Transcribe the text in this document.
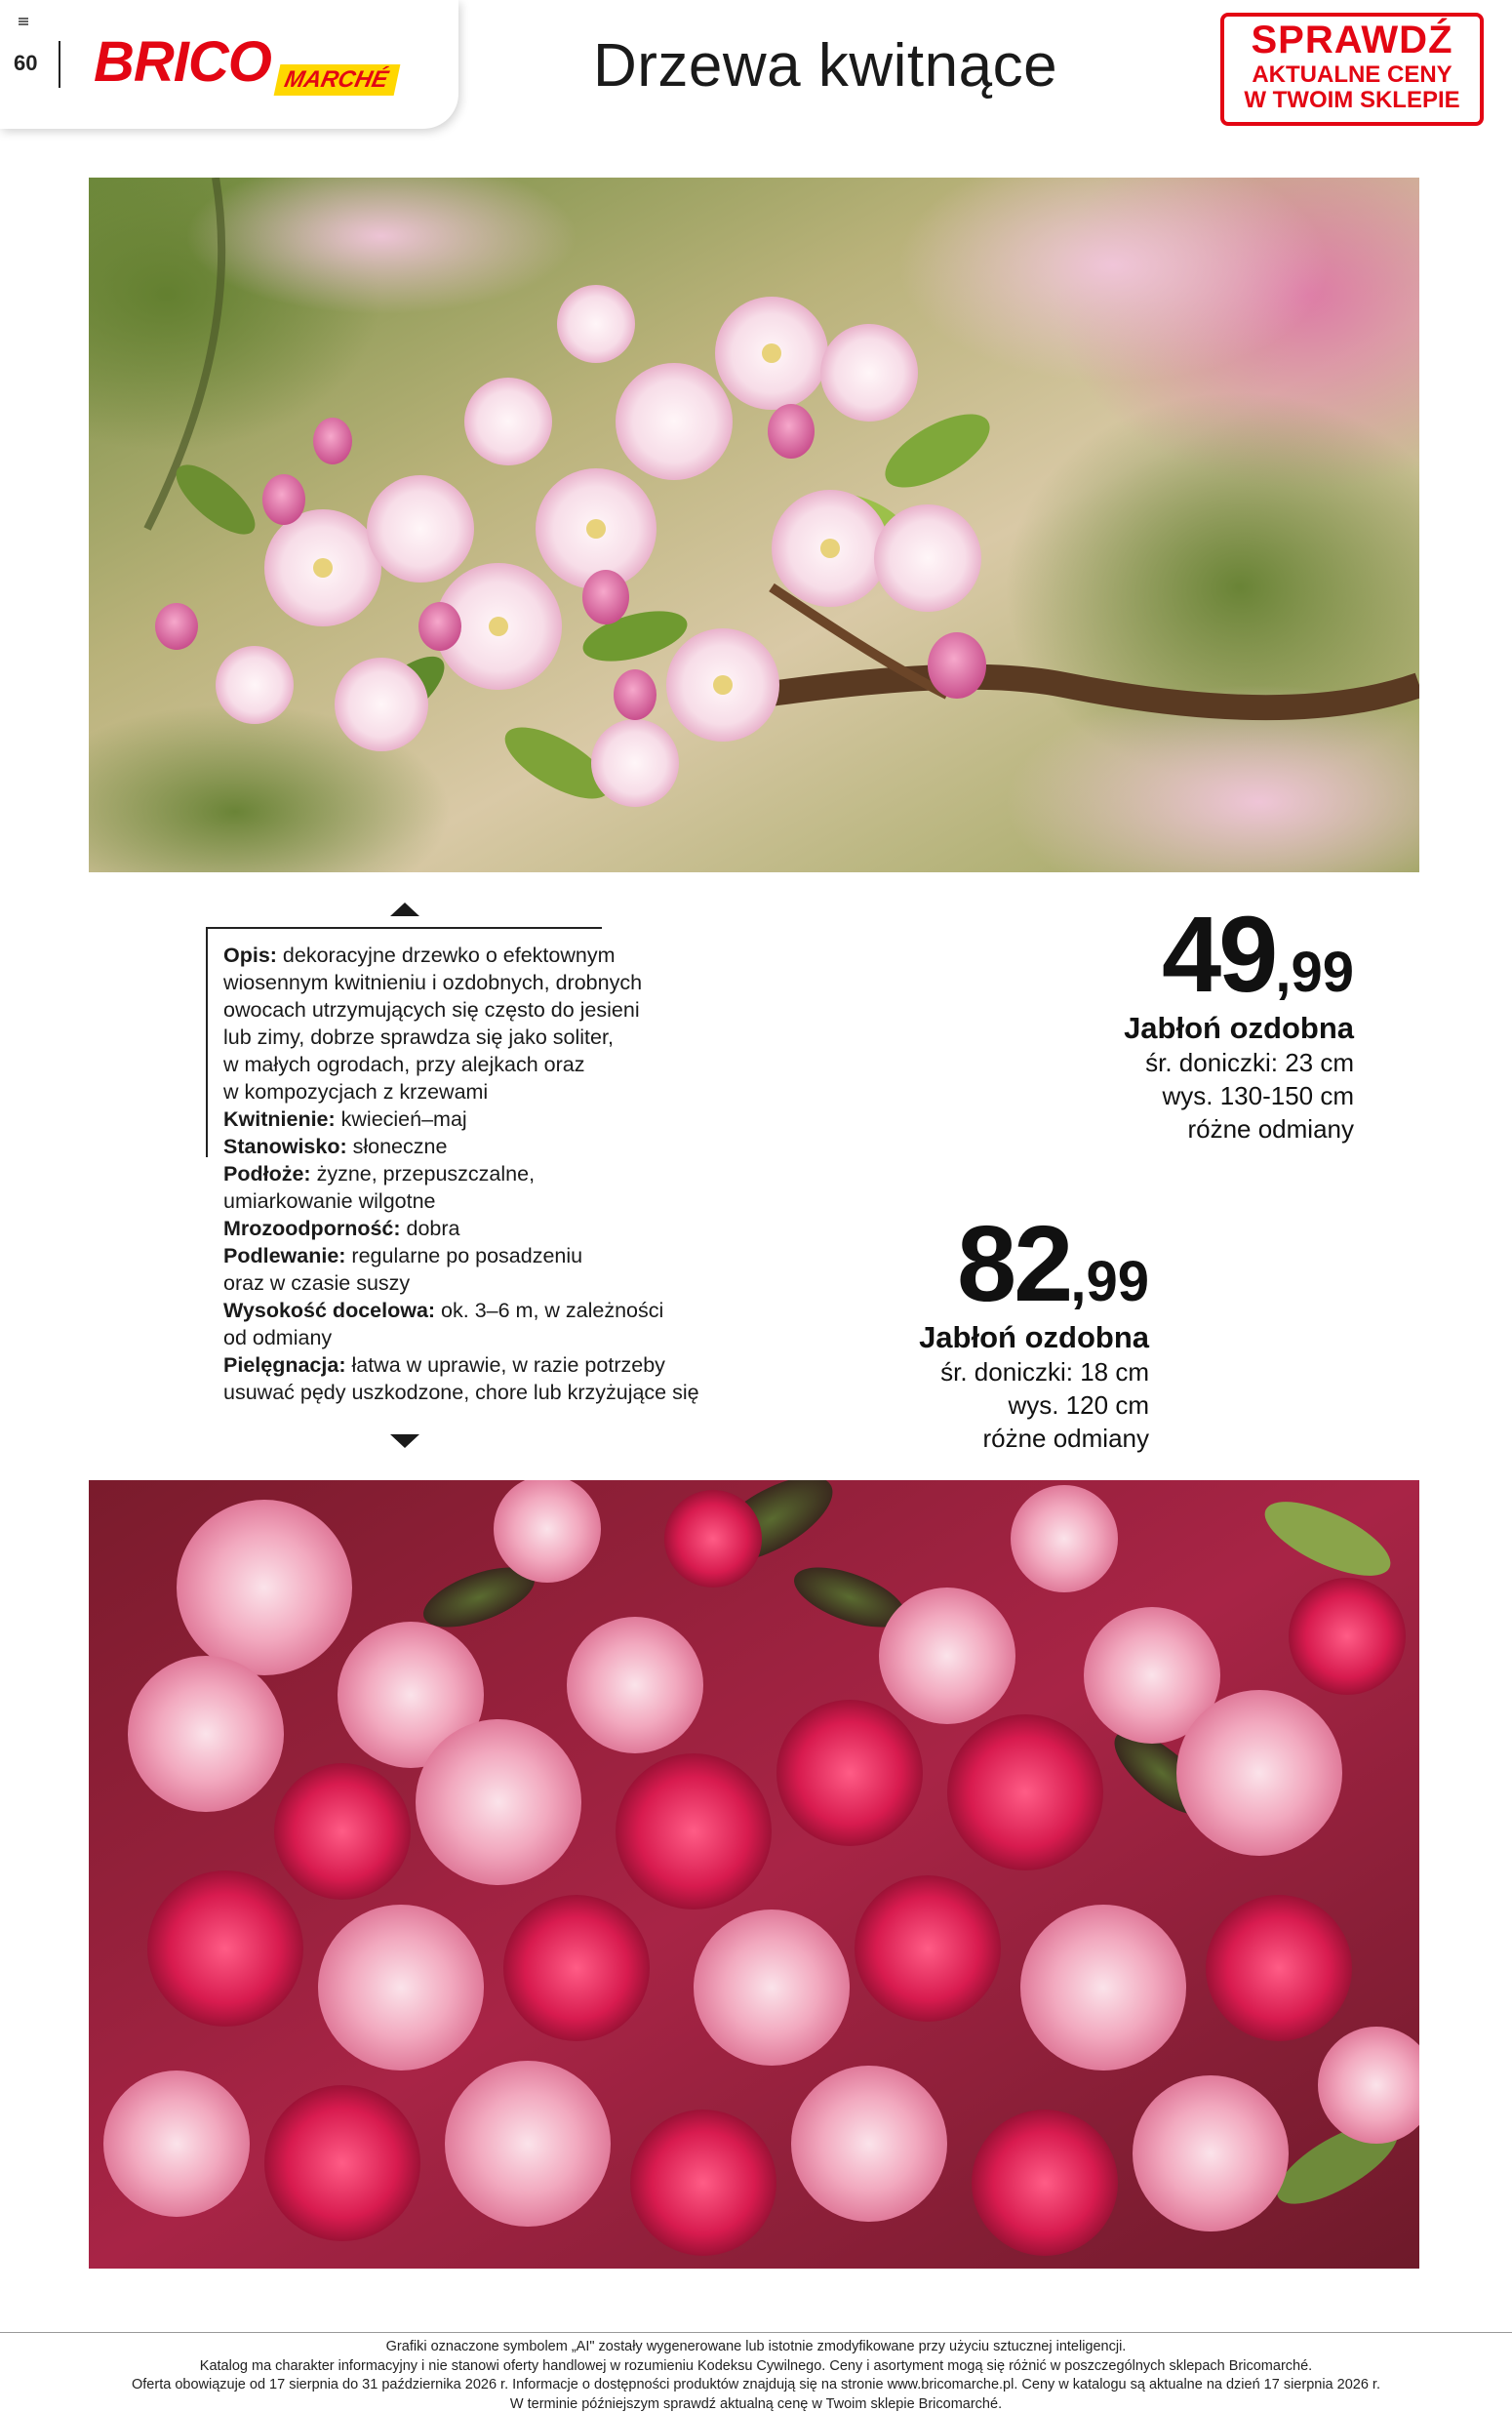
60 BRICO MARCHÉ	Drzewa kwitnące	SPRAWDŹ
AKTUALNE CENY
W TWOIM SKLEPIE

Opis: dekoracyjne drzewko o efektownym

wiosennym kwitnieniu i ozdobnych, drobnych

owocach utrzymujących się często do jesieni

lub zimy, dobrze sprawdza się jako soliter,

w małych ogrodach, przy alejkach oraz

w kompozycjach z krzewami

Kwitnienie: kwiecień–maj

Stanowisko: słoneczne

Podłoże: żyzne, przepuszczalne,

umiarkowanie wilgotne

Mrozoodporność: dobra

Podlewanie: regularne po posadzeniu

oraz w czasie suszy

Wysokość docelowa: ok. 3–6 m, w zależności

od odmiany

Pielęgnacja: łatwa w uprawie, w razie potrzeby

usuwać pędy uszkodzone, chore lub krzyżujące się

49,99
Jabłoń ozdobna
śr. doniczki: 23 cm
wys. 130-150 cm
różne odmiany
82,99
Jabłoń ozdobna
śr. doniczki: 18 cm
wys. 120 cm
różne odmiany
Grafiki oznaczone symbolem „AI" zostały wygenerowane lub istotnie zmodyfikowane przy użyciu sztucznej inteligencji.
Katalog ma charakter informacyjny i nie stanowi oferty handlowej w rozumieniu Kodeksu Cywilnego. Ceny i asortyment mogą się różnić w poszczególnych sklepach Bricomarché.
Oferta obowiązuje od 17 sierpnia do 31 października 2026 r. Informacje o dostępności produktów znajdują się na stronie www.bricomarche.pl. Ceny w katalogu są aktualne na dzień 17 sierpnia 2026 r.
W terminie późniejszym sprawdź aktualną cenę w Twoim sklepie Bricomarché.
